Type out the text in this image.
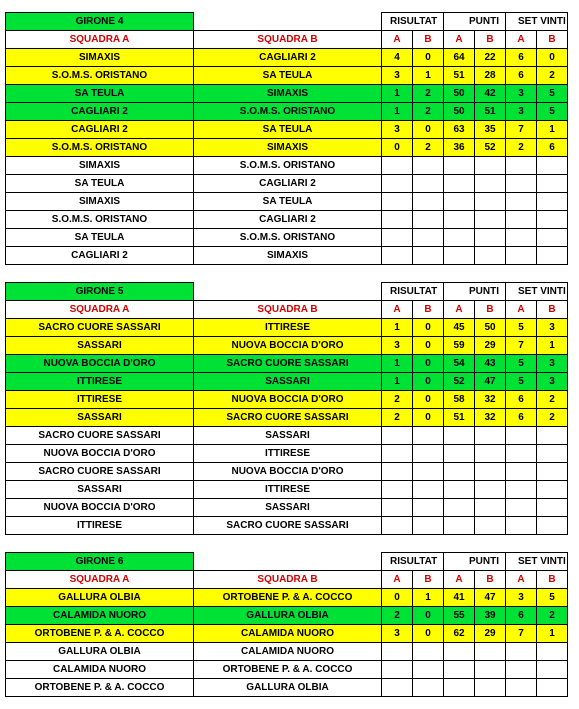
GIRONE 4		RISULTAT		PUNTI		SET VINTI	
SQUADRA A	SQUADRA B	A	B	A	B	A	B
SIMAXIS	CAGLIARI 2	4	0	64	22	6	0
S.O.M.S. ORISTANO	SA TEULA	3	1	51	28	6	2
SA TEULA	SIMAXIS	1	2	50	42	3	5
CAGLIARI 2	S.O.M.S. ORISTANO	1	2	50	51	3	5
CAGLIARI 2	SA TEULA	3	0	63	35	7	1
S.O.M.S. ORISTANO	SIMAXIS	0	2	36	52	2	6
SIMAXIS	S.O.M.S. ORISTANO						
SA TEULA	CAGLIARI 2						
SIMAXIS	SA TEULA						
S.O.M.S. ORISTANO	CAGLIARI 2						
SA TEULA	S.O.M.S. ORISTANO						
CAGLIARI 2	SIMAXIS						
GIRONE 5		RISULTAT		PUNTI		SET VINTI	
SQUADRA A	SQUADRA B	A	B	A	B	A	B
SACRO CUORE SASSARI	ITTIRESE	1	0	45	50	5	3
SASSARI	NUOVA BOCCIA D'ORO	3	0	59	29	7	1
NUOVA BOCCIA D'ORO	SACRO CUORE SASSARI	1	0	54	43	5	3
ITTIRESE	SASSARI	1	0	52	47	5	3
ITTIRESE	NUOVA BOCCIA D'ORO	2	0	58	32	6	2
SASSARI	SACRO CUORE SASSARI	2	0	51	32	6	2
SACRO CUORE SASSARI	SASSARI						
NUOVA BOCCIA D'ORO	ITTIRESE						
SACRO CUORE SASSARI	NUOVA BOCCIA D'ORO						
SASSARI	ITTIRESE						
NUOVA BOCCIA D'ORO	SASSARI						
ITTIRESE	SACRO CUORE SASSARI						
GIRONE 6		RISULTAT		PUNTI		SET VINTI	
SQUADRA A	SQUADRA B	A	B	A	B	A	B
GALLURA OLBIA	ORTOBENE P. & A. COCCO	0	1	41	47	3	5
CALAMIDA NUORO	GALLURA OLBIA	2	0	55	39	6	2
ORTOBENE P. & A. COCCO	CALAMIDA NUORO	3	0	62	29	7	1
GALLURA OLBIA	CALAMIDA NUORO						
CALAMIDA NUORO	ORTOBENE P. & A. COCCO						
ORTOBENE P. & A. COCCO	GALLURA OLBIA						
